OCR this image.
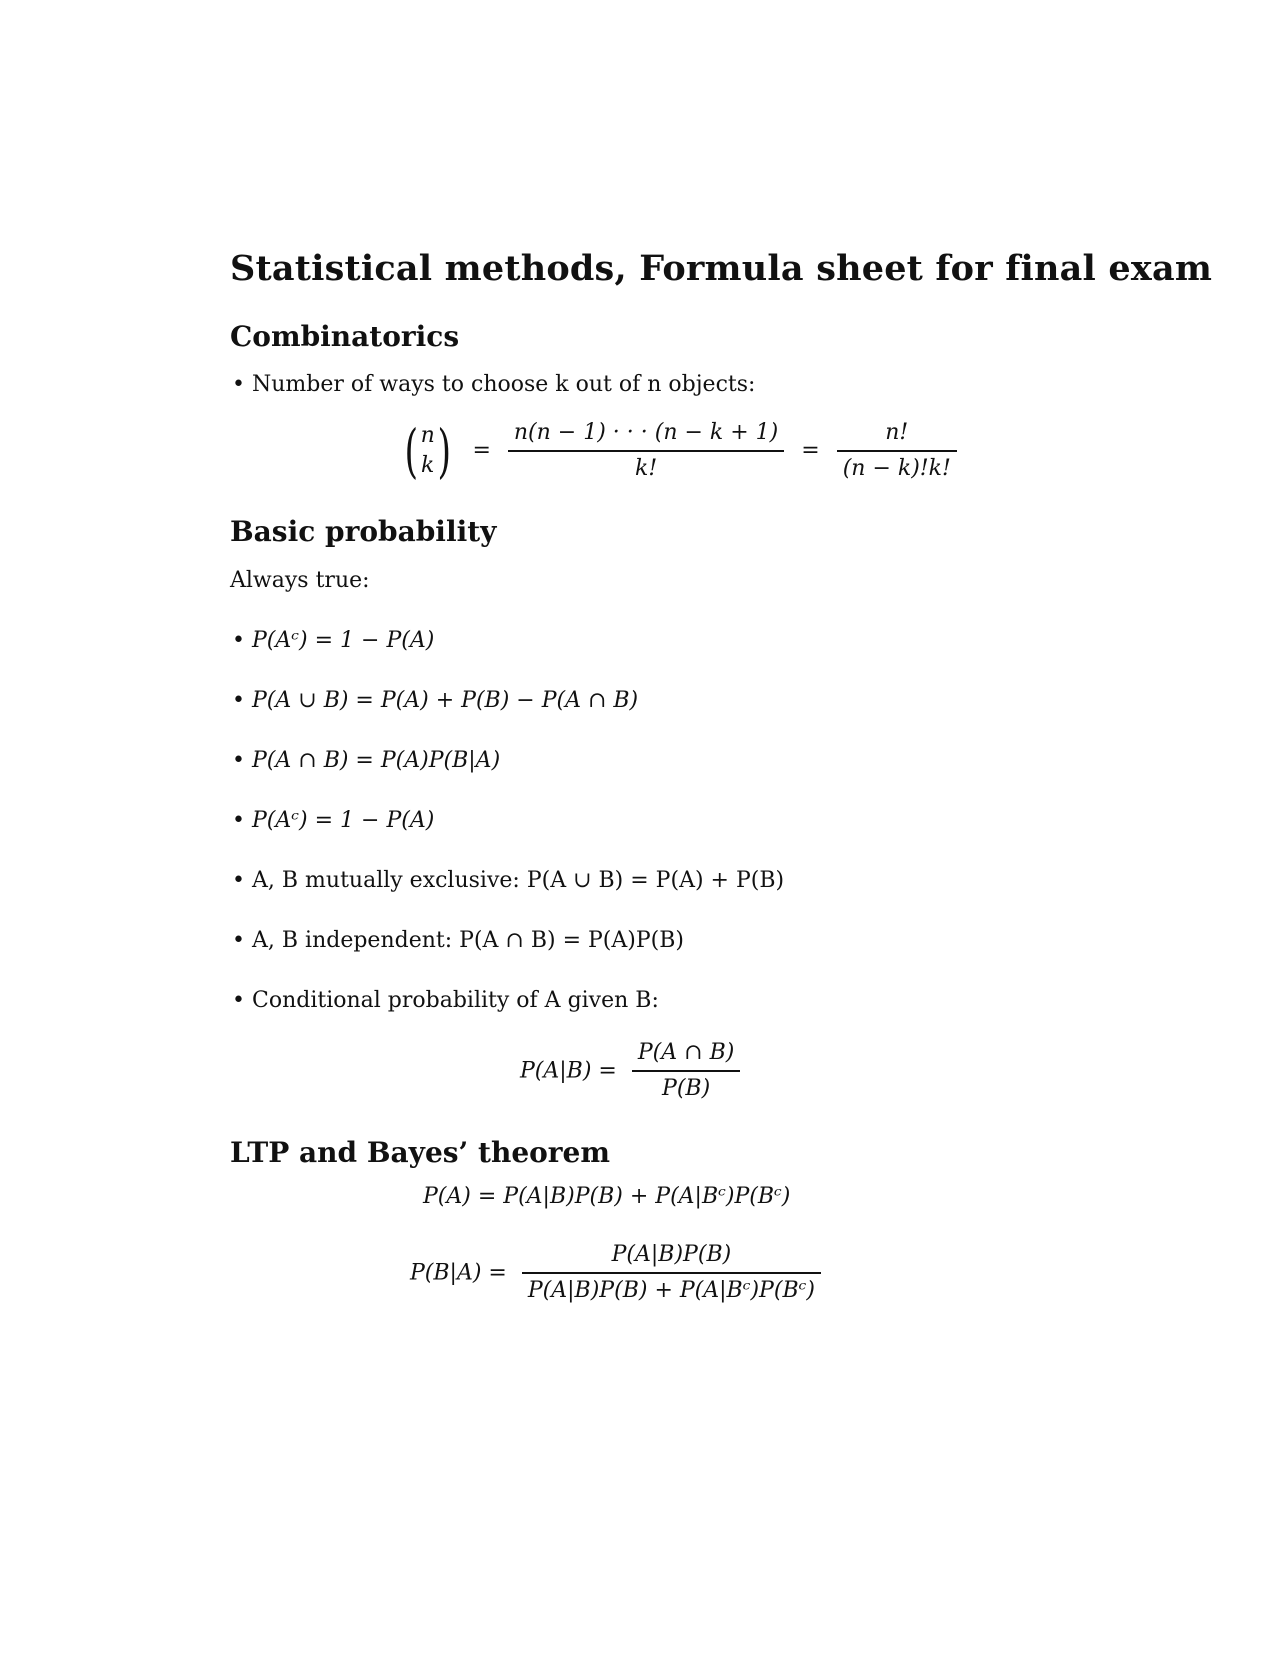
Statistical methods, Formula sheet for final exam
Combinatorics
• Number of ways to choose k out of n objects:
( n
k ) = $\frac{n(n - 1) \cdot \cdot \cdot (n - k + 1)}{k!} = \frac{n!}{(n - k)!k!}$
Basic probability
Always true:
• P(Aᶜ) = 1 − P(A)
• P(A ∪ B) = P(A) + P(B) − P(A ∩ B)
• P(A ∩ B) = P(A)P(B|A)
• P(Aᶜ) = 1 − P(A)
• A, B mutually exclusive: P(A ∪ B) = P(A) + P(B)
• A, B independent: P(A ∩ B) = P(A)P(B)
• Conditional probability of A given B:
$P(A|B) = \frac{P(A \cap B)}{P(B)}$
LTP and Bayes’ theorem
P(A) = P(A|B)P(B) + P(A|Bᶜ)P(Bᶜ)
$P(B|A) = \frac{P(A|B)P(B)}{\text{P(A|B)P(B) + P(A|Bᶜ)P(Bᶜ)}}$
